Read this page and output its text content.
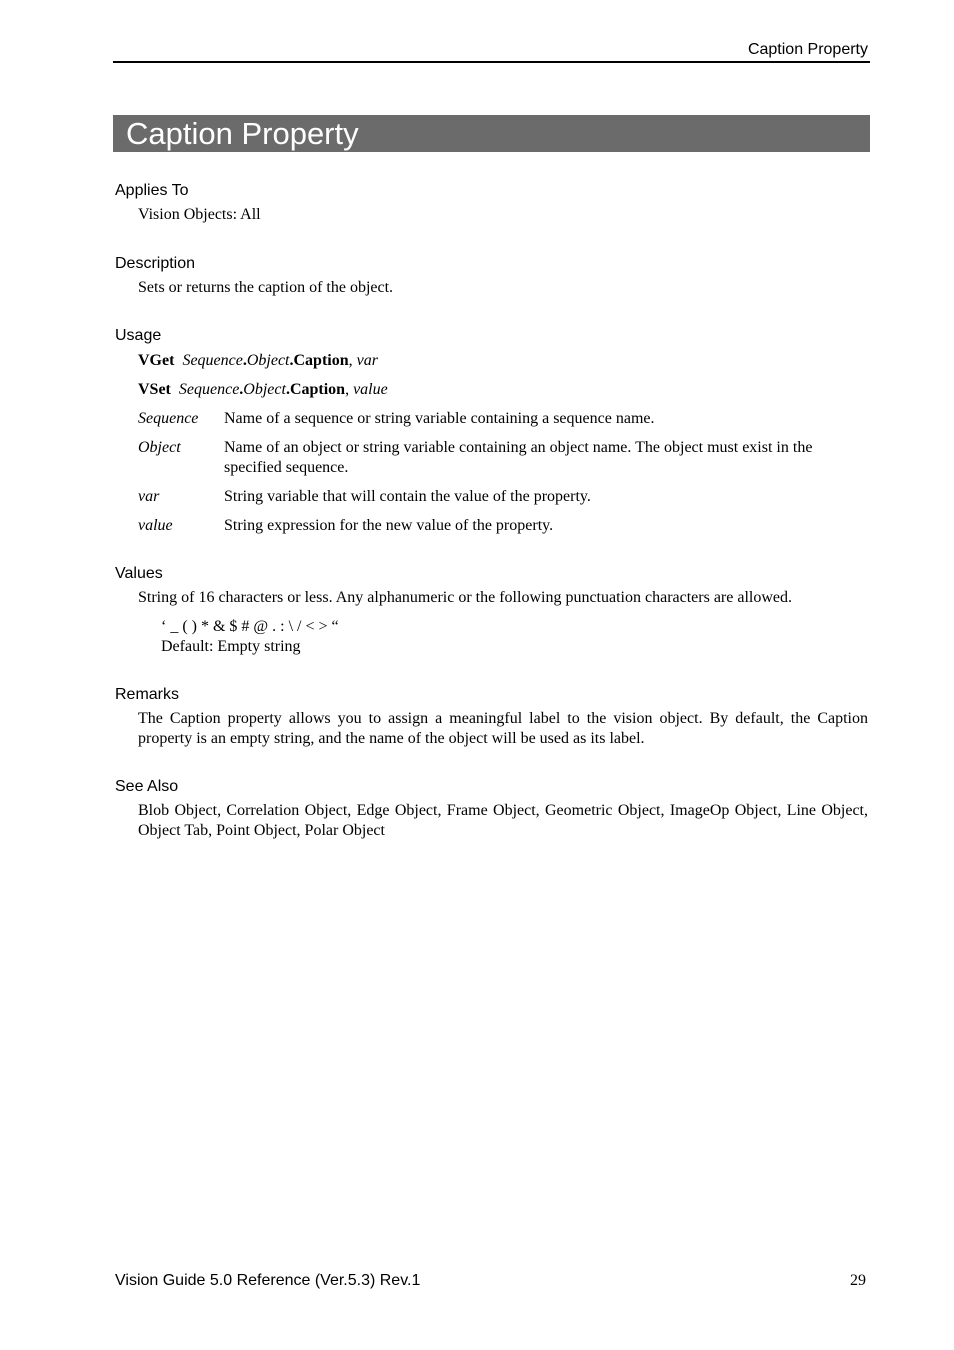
Caption Property
Caption Property
Applies To
Vision Objects: All
Description
Sets or returns the caption of the object.
Usage
VGet Sequence.Object.Caption, var
VSet Sequence.Object.Caption, value
Sequence Name of a sequence or string variable containing a sequence name.
Object	Name of an object or string variable containing an object name. The object must exist in the specified sequence.
var	String variable that will contain the value of the property.
value	String expression for the new value of the property.
Values
String of 16 characters or less. Any alphanumeric or the following punctuation characters are allowed.
‘ _ ( ) * & $ # @ . : \ / < > “
Default: Empty string
Remarks
The Caption property allows you to assign a meaningful label to the vision object. By default, the Caption property is an empty string, and the name of the object will be used as its label.
See Also
Blob Object, Correlation Object, Edge Object, Frame Object, Geometric Object, ImageOp Object, Line Object, Object Tab, Point Object, Polar Object
Vision Guide 5.0 Reference (Ver.5.3) Rev.1	29
